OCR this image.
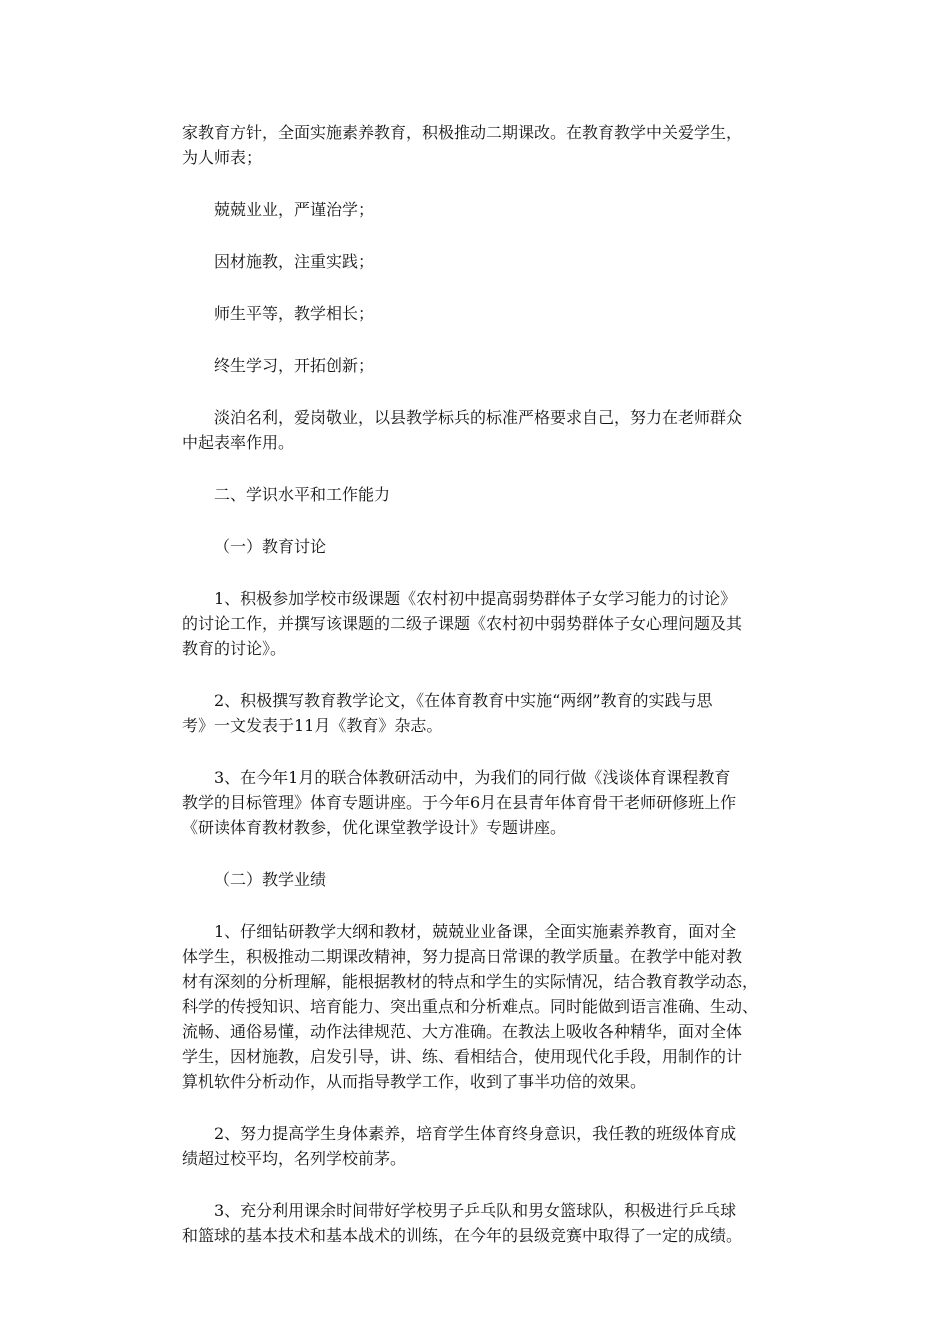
家教育方针，全面实施素养教育，积极推动二期课改。在教育教学中关爱学生，
为人师表；

兢兢业业，严谨治学；

因材施教，注重实践；

师生平等，教学相长；

终生学习，开拓创新；

淡泊名利，爱岗敬业，以县教学标兵的标准严格要求自己，努力在老师群众
中起表率作用。

二、学识水平和工作能力

（一）教育讨论

1、积极参加学校市级课题《农村初中提高弱势群体子女学习能力的讨论》
的讨论工作，并撰写该课题的二级子课题《农村初中弱势群体子女心理问题及其
教育的讨论》。

2、积极撰写教育教学论文，《在体育教育中实施“两纲”教育的实践与思
考》一文发表于11月《教育》杂志。

3、在今年1月的联合体教研活动中，为我们的同行做《浅谈体育课程教育
教学的目标管理》体育专题讲座。于今年6月在县青年体育骨干老师研修班上作
《研读体育教材教参，优化课堂教学设计》专题讲座。

（二）教学业绩

1、仔细钻研教学大纲和教材，兢兢业业备课，全面实施素养教育，面对全
体学生，积极推动二期课改精神，努力提高日常课的教学质量。在教学中能对教
材有深刻的分析理解，能根据教材的特点和学生的实际情况，结合教育教学动态，
科学的传授知识、培育能力、突出重点和分析难点。同时能做到语言准确、生动、
流畅、通俗易懂，动作法律规范、大方准确。在教法上吸收各种精华，面对全体
学生，因材施教，启发引导，讲、练、看相结合，使用现代化手段，用制作的计
算机软件分析动作，从而指导教学工作，收到了事半功倍的效果。

2、努力提高学生身体素养，培育学生体育终身意识，我任教的班级体育成
绩超过校平均，名列学校前茅。

3、充分利用课余时间带好学校男子乒乓队和男女篮球队，积极进行乒乓球
和篮球的基本技术和基本战术的训练，在今年的县级竞赛中取得了一定的成绩。
